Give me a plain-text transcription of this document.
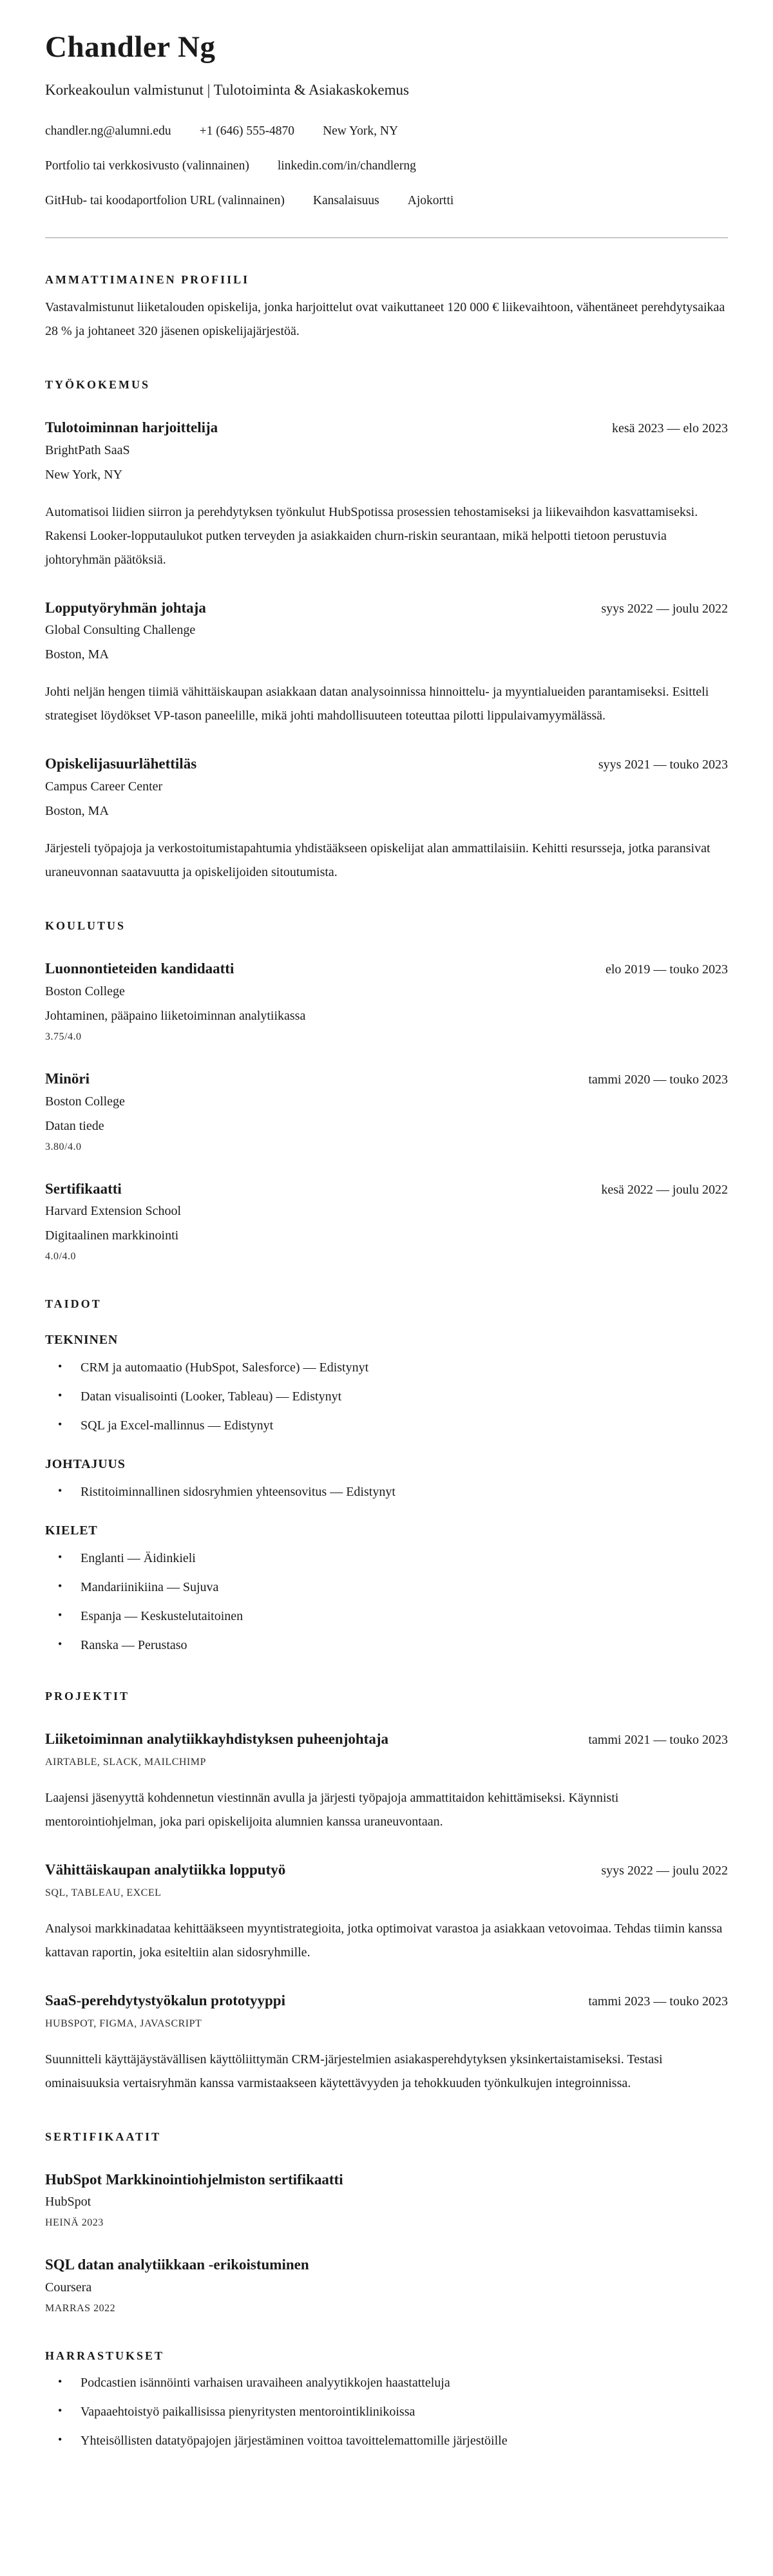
Chandler Ng
Korkeakoulun valmistunut | Tulotoiminta & Asiakaskokemus
chandler.ng@alumni.edu +1 (646) 555-4870 New York, NY
Portfolio tai verkkosivusto (valinnainen) linkedin.com/in/chandlerng
GitHub- tai koodaportfolion URL (valinnainen) Kansalaisuus Ajokortti
AMMATTIMAINEN PROFIILI

Vastavalmistunut liiketalouden opiskelija, jonka harjoittelut ovat vaikuttaneet 120 000 € liikevaihtoon, vähentäneet perehdytysaikaa 28 % ja johtaneet 320 jäsenen opiskelijajärjestöä.

TYÖKOKEMUS
Tulotoiminnan harjoittelija	kesä 2023 — elo 2023
BrightPath SaaS
New York, NY

Automatisoi liidien siirron ja perehdytyksen työnkulut HubSpotissa prosessien tehostamiseksi ja liikevaihdon kasvattamiseksi. Rakensi Looker-lopputaulukot putken terveyden ja asiakkaiden churn-riskin seurantaan, mikä helpotti tietoon perustuvia johtoryhmän päätöksiä.

Lopputyöryhmän johtaja	syys 2022 — joulu 2022
Global Consulting Challenge
Boston, MA

Johti neljän hengen tiimiä vähittäiskaupan asiakkaan datan analysoinnissa hinnoittelu- ja myyntialueiden parantamiseksi. Esitteli strategiset löydökset VP-tason paneelille, mikä johti mahdollisuuteen toteuttaa pilotti lippulaivamyymälässä.

Opiskelijasuurlähettiläs	syys 2021 — touko 2023
Campus Career Center
Boston, MA

Järjesteli työpajoja ja verkostoitumistapahtumia yhdistääkseen opiskelijat alan ammattilaisiin. Kehitti resursseja, jotka paransivat uraneuvonnan saatavuutta ja opiskelijoiden sitoutumista.

KOULUTUS
Luonnontieteiden kandidaatti	elo 2019 — touko 2023
Boston College
Johtaminen, pääpaino liiketoiminnan analytiikassa
3.75/4.0
Minöri	tammi 2020 — touko 2023
Boston College
Datan tiede
3.80/4.0
Sertifikaatti	kesä 2022 — joulu 2022
Harvard Extension School
Digitaalinen markkinointi
4.0/4.0
TAIDOT
TEKNINEN
• CRM ja automaatio (HubSpot, Salesforce) — Edistynyt
• Datan visualisointi (Looker, Tableau) — Edistynyt
• SQL ja Excel-mallinnus — Edistynyt
JOHTAJUUS
• Ristitoiminnallinen sidosryhmien yhteensovitus — Edistynyt
KIELET
• Englanti — Äidinkieli
• Mandariinikiina — Sujuva
• Espanja — Keskustelutaitoinen
• Ranska — Perustaso
PROJEKTIT
Liiketoiminnan analytiikkayhdistyksen puheenjohtaja	tammi 2021 — touko 2023
AIRTABLE, SLACK, MAILCHIMP

Laajensi jäsenyyttä kohdennetun viestinnän avulla ja järjesti työpajoja ammattitaidon kehittämiseksi. Käynnisti mentorointiohjelman, joka pari opiskelijoita alumnien kanssa uraneuvontaan.

Vähittäiskaupan analytiikka lopputyö	syys 2022 — joulu 2022
SQL, TABLEAU, EXCEL

Analysoi markkinadataa kehittääkseen myyntistrategioita, jotka optimoivat varastoa ja asiakkaan vetovoimaa. Tehdas tiimin kanssa kattavan raportin, joka esiteltiin alan sidosryhmille.

SaaS-perehdytystyökalun prototyyppi	tammi 2023 — touko 2023
HUBSPOT, FIGMA, JAVASCRIPT

Suunnitteli käyttäjäystävällisen käyttöliittymän CRM-järjestelmien asiakasperehdytyksen yksinkertaistamiseksi. Testasi ominaisuuksia vertaisryhmän kanssa varmistaakseen käytettävyyden ja tehokkuuden työnkulkujen integroinnissa.

SERTIFIKAATIT
HubSpot Markkinointiohjelmiston sertifikaatti
HubSpot
HEINÄ 2023
SQL datan analytiikkaan -erikoistuminen
Coursera
MARRAS 2022
HARRASTUKSET
• Podcastien isännöinti varhaisen uravaiheen analyytikkojen haastatteluja
• Vapaaehtoistyö paikallisissa pienyritysten mentorointiklinikoissa
• Yhteisöllisten datatyöpajojen järjestäminen voittoa tavoittelemattomille järjestöille
